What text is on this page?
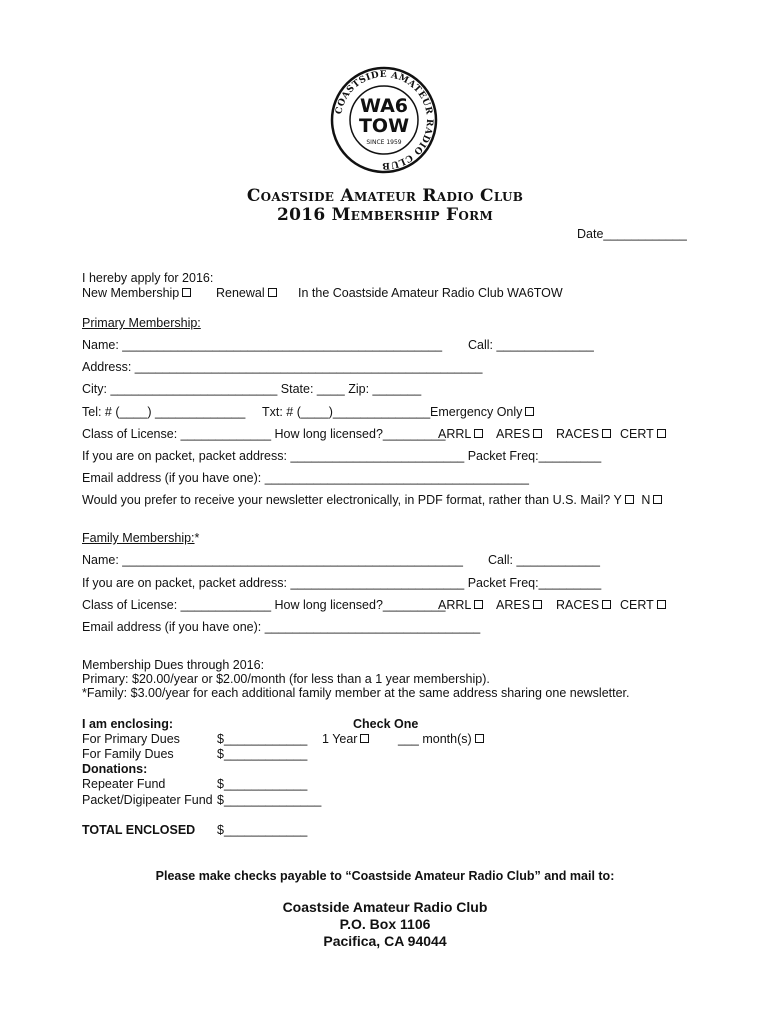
COASTSIDE AMATEUR RADIO CLUB
WA6
TOW
SINCE 1959
Coastside Amateur Radio Club
2016 Membership Form
Date____________
I hereby apply for 2016:
New Membership	Renewal	In the Coastside Amateur Radio Club WA6TOW
Primary Membership:
Name: ______________________________________________ Call: ______________
Address: __________________________________________________
City: ________________________ State: ____ Zip: _______
Tel: # (____) _____________ Txt: # (____)______________ Emergency Only
Class of License: _____________ How long licensed?_________
ARRL	ARES	RACES	CERT
If you are on packet, packet address: _________________________ Packet Freq:_________
Email address (if you have one): ______________________________________
Would you prefer to receive your newsletter electronically, in PDF format, rather than U.S. Mail? Y N
Family Membership:*
Name: _________________________________________________ Call: ____________
If you are on packet, packet address: _________________________ Packet Freq:_________
Class of License: _____________ How long licensed?_________
ARRL	ARES	RACES	CERT
Email address (if you have one): _______________________________
Membership Dues through 2016:
Primary: $20.00/year or $2.00/month (for less than a 1 year membership).
*Family: $3.00/year for each additional family member at the same address sharing one newsletter.
I am enclosing:	Check One
For Primary Dues	$____________ 1 Year	___ month(s)
For Family Dues	$____________
Donations:
Repeater Fund	$____________
Packet/Digipeater Fund $______________
TOTAL ENCLOSED $____________
Please make checks payable to “Coastside Amateur Radio Club” and mail to:
Coastside Amateur Radio Club
P.O. Box 1106
Pacifica, CA 94044
